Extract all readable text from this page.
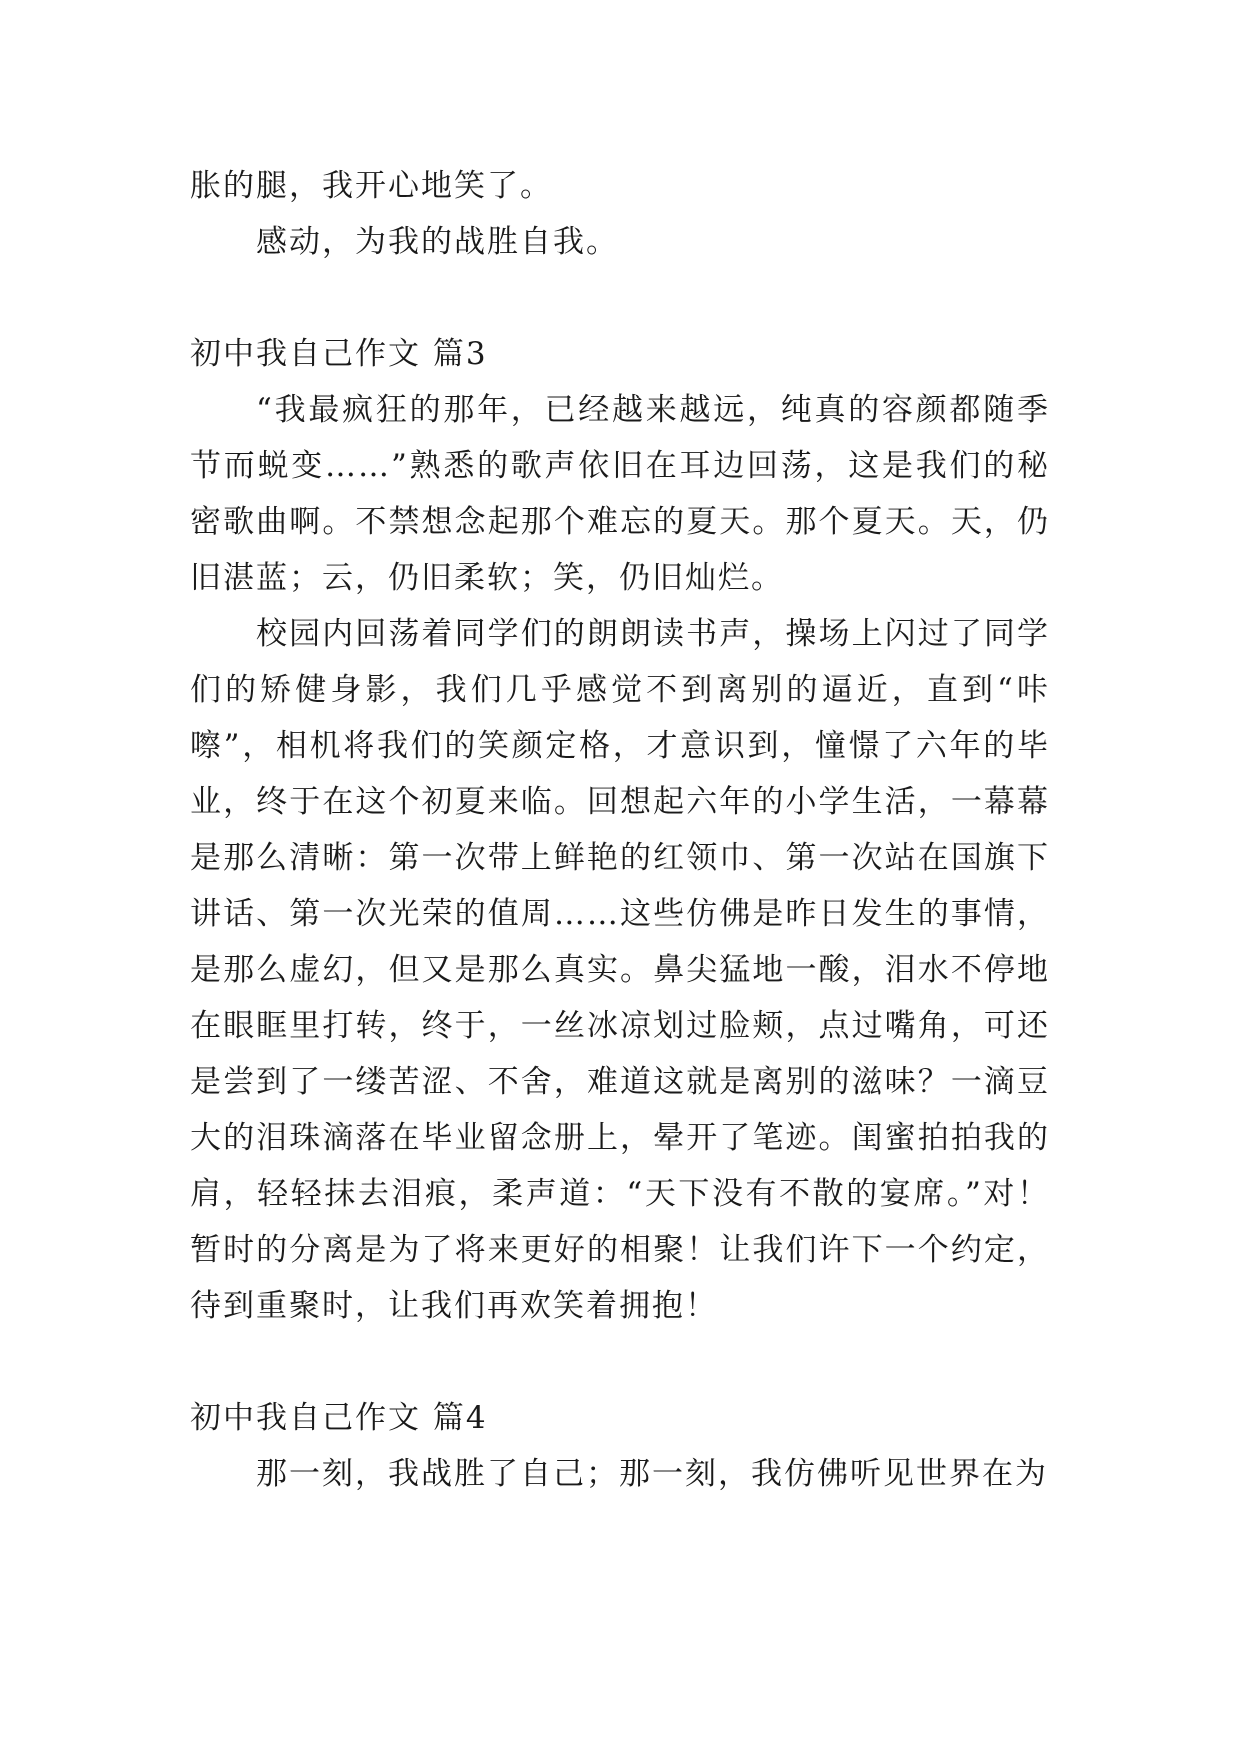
胀的腿，我开心地笑了。

感动，为我的战胜自我。

初中我自己作文 篇3

“我最疯狂的那年，已经越来越远，纯真的容颜都随季节而蜕变……”熟悉的歌声依旧在耳边回荡，这是我们的秘密歌曲啊。不禁想念起那个难忘的夏天。那个夏天。天，仍旧湛蓝；云，仍旧柔软；笑，仍旧灿烂。

校园内回荡着同学们的朗朗读书声，操场上闪过了同学们的矫健身影，我们几乎感觉不到离别的逼近，直到“咔嚓”，相机将我们的笑颜定格，才意识到，憧憬了六年的毕业，终于在这个初夏来临。回想起六年的小学生活，一幕幕是那么清晰：第一次带上鲜艳的红领巾、第一次站在国旗下讲话、第一次光荣的值周……这些仿佛是昨日发生的事情，是那么虚幻，但又是那么真实。鼻尖猛地一酸，泪水不停地在眼眶里打转，终于，一丝冰凉划过脸颊，点过嘴角，可还是尝到了一缕苦涩、不舍，难道这就是离别的滋味？一滴豆大的泪珠滴落在毕业留念册上，晕开了笔迹。闺蜜拍拍我的肩，轻轻抹去泪痕，柔声道：“天下没有不散的宴席。”对！暂时的分离是为了将来更好的相聚！让我们许下一个约定，待到重聚时，让我们再欢笑着拥抱！

初中我自己作文 篇4

那一刻，我战胜了自己；那一刻，我仿佛听见世界在为
